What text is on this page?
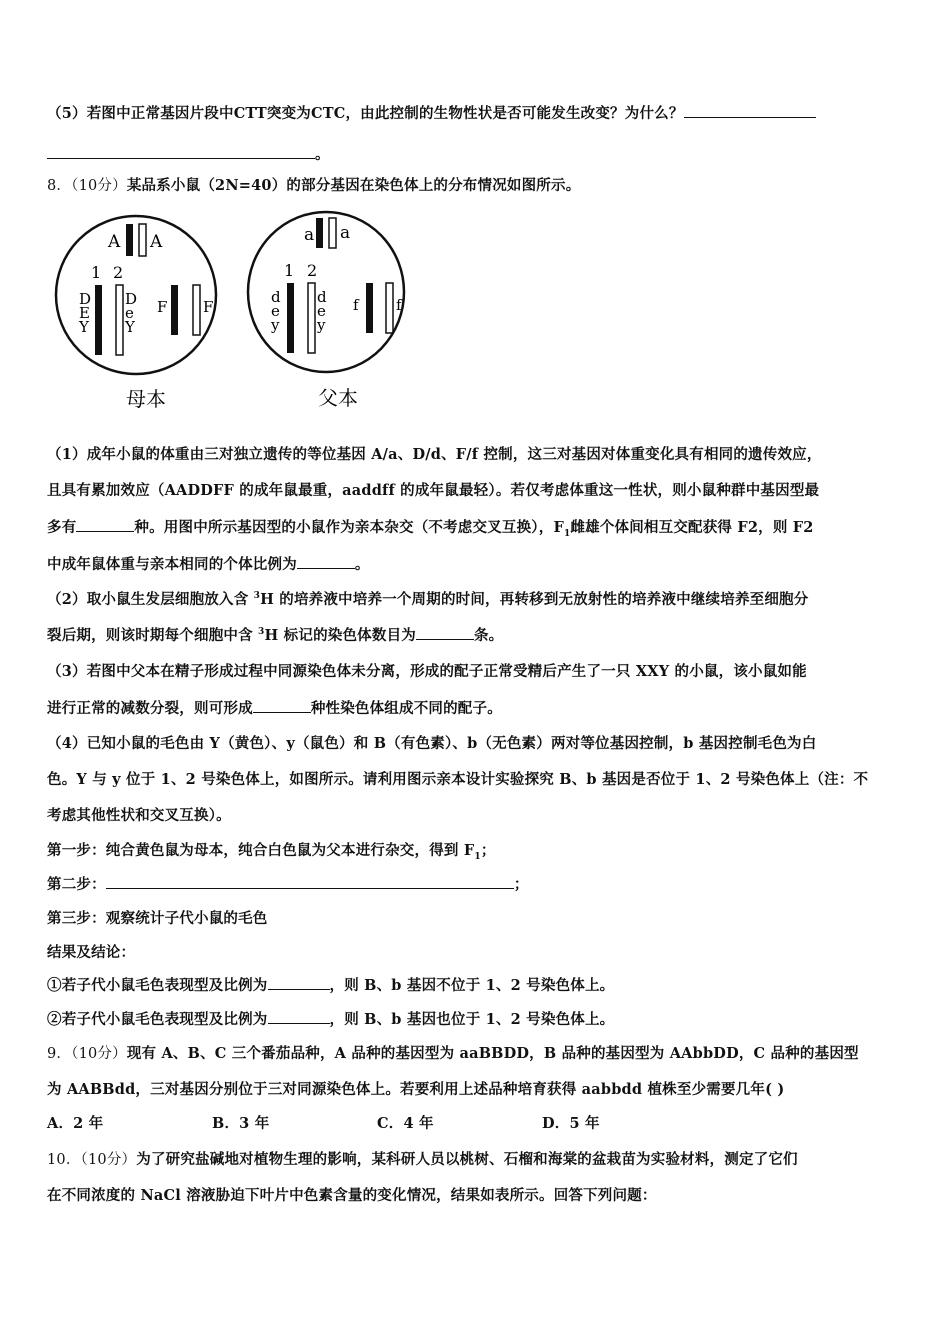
（5）若图中正常基因片段中CTT突变为CTC，由此控制的生物性状是否可能发生改变？为什么？
。
8．（10分）某品系小鼠（2N=40）的部分基因在染色体上的分布情况如图所示。
A A
1 2
D
E
Y
D
e
Y
F F
母本
a a
1 2
d
e
y
d
e
y
f f
父本
（1）成年小鼠的体重由三对独立遗传的等位基因 A/a、D/d、F/f 控制，这三对基因对体重变化具有相同的遗传效应，
且具有累加效应（AADDFF 的成年鼠最重，aaddff 的成年鼠最轻）。若仅考虑体重这一性状，则小鼠种群中基因型最
多有	种。用图中所示基因型的小鼠作为亲本杂交（不考虑交叉互换），$F_1$雌雄个体间相互交配获得 F2，则 F2
中成年鼠体重与亲本相同的个体比例为	。
（2）取小鼠生发层细胞放入含 $^3$H 的培养液中培养一个周期的时间，再转移到无放射性的培养液中继续培养至细胞分
裂后期，则该时期每个细胞中含 $^3$H 标记的染色体数目为	条。
（3）若图中父本在精子形成过程中同源染色体未分离，形成的配子正常受精后产生了一只 XXY 的小鼠，该小鼠如能
进行正常的减数分裂，则可形成	种性染色体组成不同的配子。
（4）已知小鼠的毛色由 Y（黄色）、y（鼠色）和 B（有色素）、b（无色素）两对等位基因控制，b 基因控制毛色为白
色。Y 与 y 位于 1、2 号染色体上，如图所示。请利用图示亲本设计实验探究 B、b 基因是否位于 1、2 号染色体上（注：不
考虑其他性状和交叉互换）。
第一步：纯合黄色鼠为母本，纯合白色鼠为父本进行杂交，得到 $F_1$；
第二步：	；
第三步：观察统计子代小鼠的毛色
结果及结论：
①若子代小鼠毛色表现型及比例为	，则 B、b 基因不位于 1、2 号染色体上。
②若子代小鼠毛色表现型及比例为	，则 B、b 基因也位于 1、2 号染色体上。
9．（10分）现有 A、B、C 三个番茄品种，A 品种的基因型为 aaBBDD，B 品种的基因型为 AAbbDD，C 品种的基因型
为 AABBdd，三对基因分别位于三对同源染色体上。若要利用上述品种培育获得 aabbdd 植株至少需要几年( )
A．2 年	B．3 年	C．4 年	D．5 年
10．（10分）为了研究盐碱地对植物生理的影响，某科研人员以桃树、石榴和海棠的盆栽苗为实验材料，测定了它们
在不同浓度的 NaCl 溶液胁迫下叶片中色素含量的变化情况，结果如表所示。回答下列问题：
